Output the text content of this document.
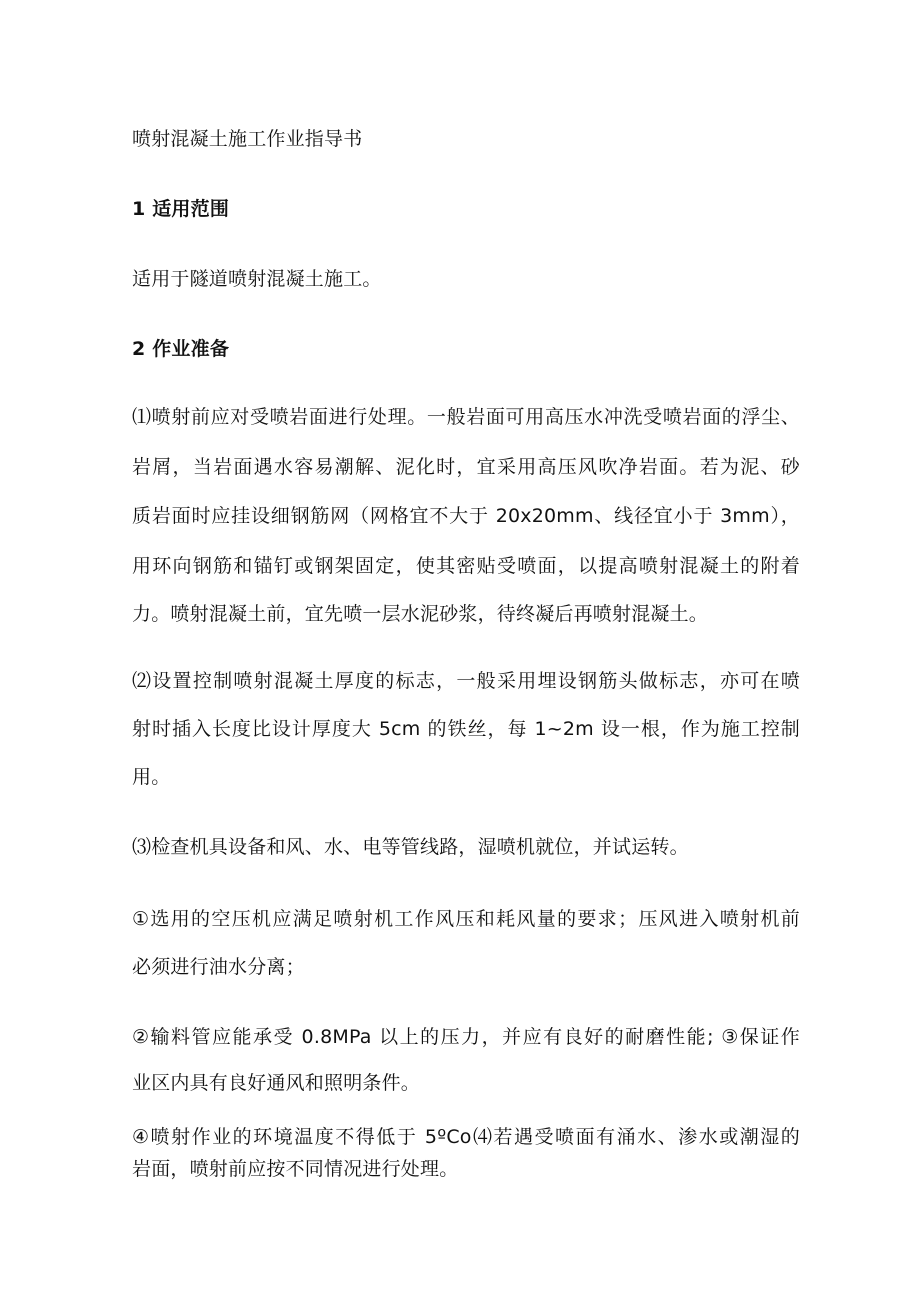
喷射混凝土施工作业指导书
1 适用范围
适用于隧道喷射混凝土施工。
2 作业准备
⑴喷射前应对受喷岩面进行处理。一般岩面可用高压水冲洗受喷岩面的浮尘、
岩屑，当岩面遇水容易潮解、泥化时，宜采用高压风吹净岩面。若为泥、砂
质岩面时应挂设细钢筋网（网格宜不大于 20x20mm、线径宜小于 3mm），
用环向钢筋和锚钉或钢架固定，使其密贴受喷面，以提高喷射混凝土的附着
力。喷射混凝土前，宜先喷一层水泥砂浆，待终凝后再喷射混凝土。
⑵设置控制喷射混凝土厚度的标志，一般采用埋设钢筋头做标志，亦可在喷
射时插入长度比设计厚度大 5cm 的铁丝，每 1~2m 设一根，作为施工控制
用。
⑶检查机具设备和风、水、电等管线路，湿喷机就位，并试运转。
①选用的空压机应满足喷射机工作风压和耗风量的要求；压风进入喷射机前
必须进行油水分离；
②输料管应能承受 0.8MPa 以上的压力，并应有良好的耐磨性能; ③保证作
业区内具有良好通风和照明条件。
④喷射作业的环境温度不得低于 5ºCo⑷若遇受喷面有涌水、渗水或潮湿的
岩面，喷射前应按不同情况进行处理。
